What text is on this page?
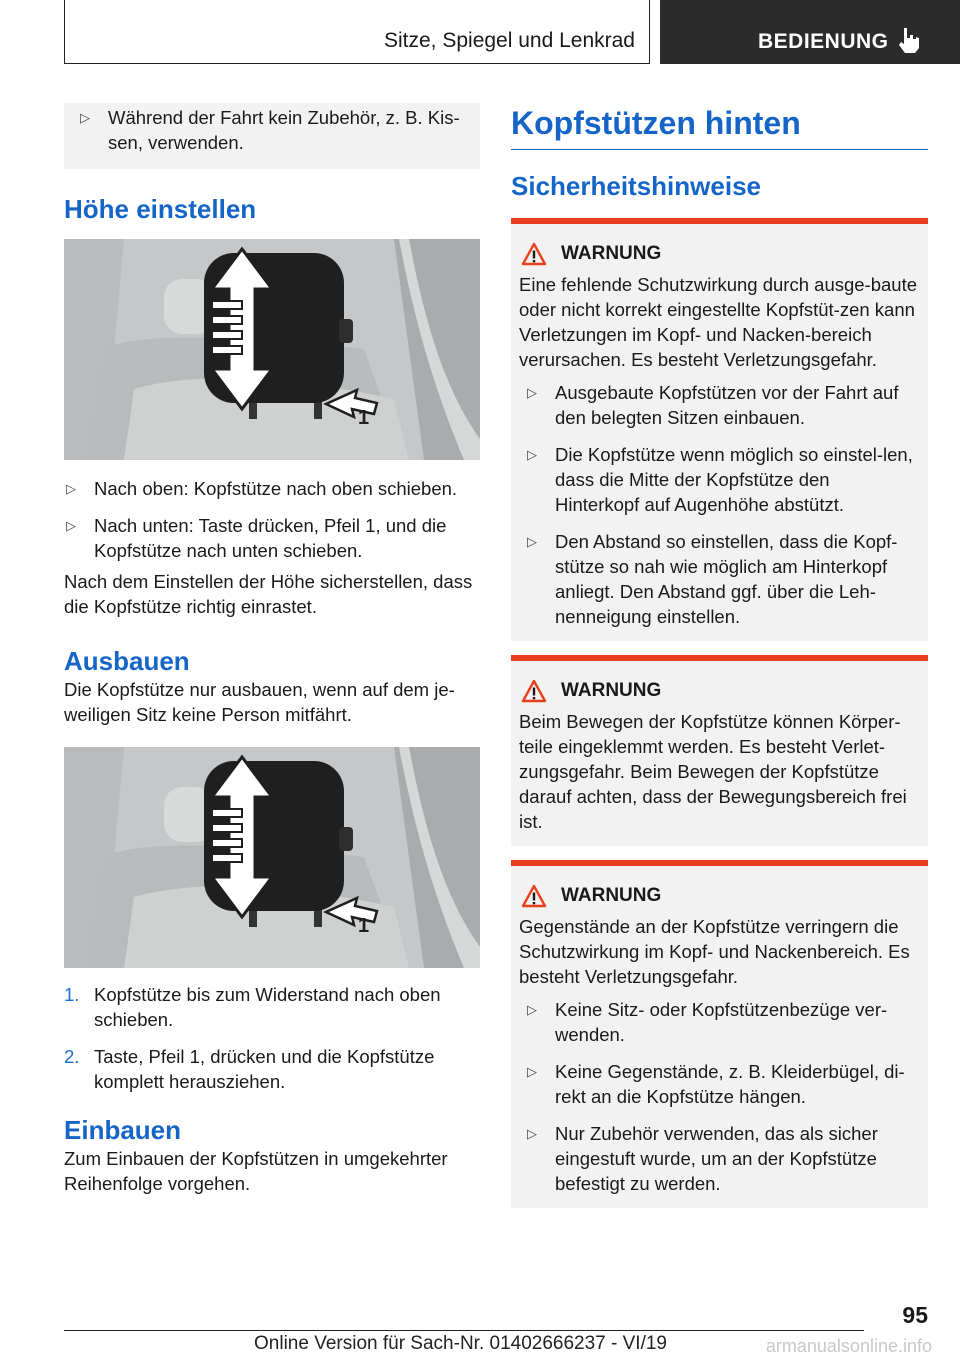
Sitze, Spiegel und Lenkrad	BEDIENUNG
▷ Während der Fahrt kein Zubehör, z. B. Kis-sen, verwenden.
Höhe einstellen
1
▷ Nach oben: Kopfstütze nach oben schieben.
▷ Nach unten: Taste drücken, Pfeil 1, und die Kopfstütze nach unten schieben.

Nach dem Einstellen der Höhe sicherstellen, dass die Kopfstütze richtig einrastet.

Ausbauen

Die Kopfstütze nur ausbauen, wenn auf dem je-weiligen Sitz keine Person mitfährt.

1
1. Kopfstütze bis zum Widerstand nach oben schieben.
2. Taste, Pfeil 1, drücken und die Kopfstütze komplett herausziehen.
Einbauen

Zum Einbauen der Kopfstützen in umgekehrter Reihenfolge vorgehen.

Kopfstützen hinten
Sicherheitshinweise
WARNUNG

Eine fehlende Schutzwirkung durch ausge-baute oder nicht korrekt eingestellte Kopfstüt-zen kann Verletzungen im Kopf- und Nacken-bereich verursachen. Es besteht Verletzungsgefahr.

▷ Ausgebaute Kopfstützen vor der Fahrt auf den belegten Sitzen einbauen.
▷ Die Kopfstütze wenn möglich so einstel-len, dass die Mitte der Kopfstütze den Hinterkopf auf Augenhöhe abstützt.
▷ Den Abstand so einstellen, dass die Kopf-stütze so nah wie möglich am Hinterkopf anliegt. Den Abstand ggf. über die Leh-nenneigung einstellen.
WARNUNG

Beim Bewegen der Kopfstütze können Körper-teile eingeklemmt werden. Es besteht Verlet-zungsgefahr. Beim Bewegen der Kopfstütze darauf achten, dass der Bewegungsbereich frei ist.

WARNUNG

Gegenstände an der Kopfstütze verringern die Schutzwirkung im Kopf- und Nackenbereich. Es besteht Verletzungsgefahr.

▷ Keine Sitz- oder Kopfstützenbezüge ver-wenden.
▷ Keine Gegenstände, z. B. Kleiderbügel, di-rekt an die Kopfstütze hängen.
▷ Nur Zubehör verwenden, das als sicher eingestuft wurde, um an der Kopfstütze befestigt zu werden.
95
Online Version für Sach-Nr. 01402666237 - VI/19	armanualsonline.info
